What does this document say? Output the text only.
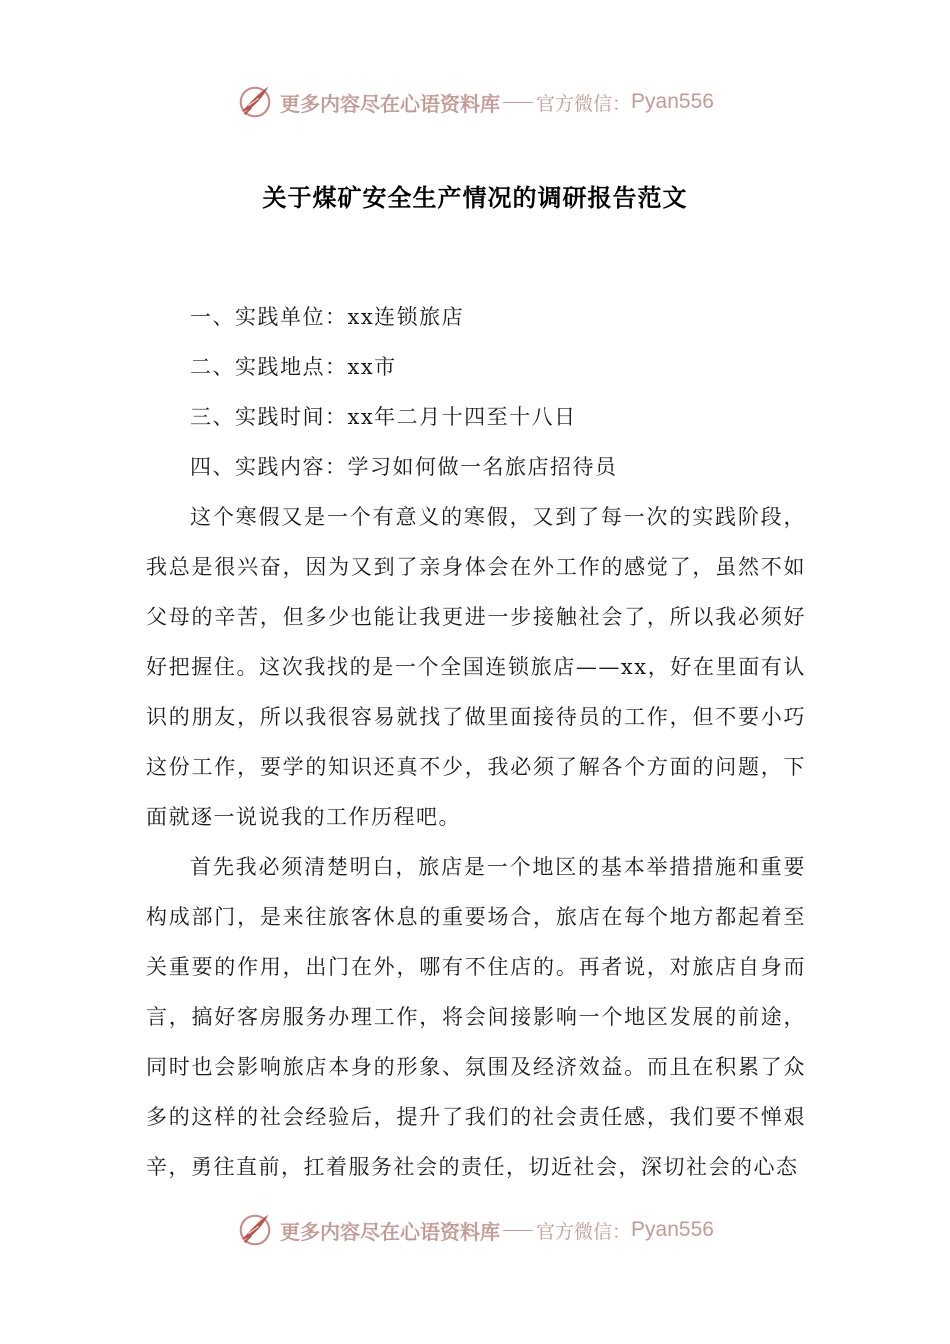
更多内容尽在心语资料库 官方微信： Pyan556
关于煤矿安全生产情况的调研报告范文

一、实践单位：xx连锁旅店

二、实践地点：xx市

三、实践时间：xx年二月十四至十八日

四、实践内容：学习如何做一名旅店招待员

这个寒假又是一个有意义的寒假，又到了每一次的实践阶段，我总是很兴奋，因为又到了亲身体会在外工作的感觉了，虽然不如父母的辛苦，但多少也能让我更进一步接触社会了，所以我必须好好把握住。这次我找的是一个全国连锁旅店——xx，好在里面有认识的朋友，所以我很容易就找了做里面接待员的工作，但不要小巧这份工作，要学的知识还真不少，我必须了解各个方面的问题，下面就逐一说说我的工作历程吧。

首先我必须清楚明白，旅店是一个地区的基本举措措施和重要构成部门，是来往旅客休息的重要场合，旅店在每个地方都起着至关重要的作用，出门在外，哪有不住店的。再者说，对旅店自身而言，搞好客房服务办理工作，将会间接影响一个地区发展的前途，同时也会影响旅店本身的形象、氛围及经济效益。而且在积累了众多的这样的社会经验后，提升了我们的社会责任感，我们要不惮艰辛，勇往直前，扛着服务社会的责任，切近社会，深切社会的心态

更多内容尽在心语资料库 官方微信： Pyan556
